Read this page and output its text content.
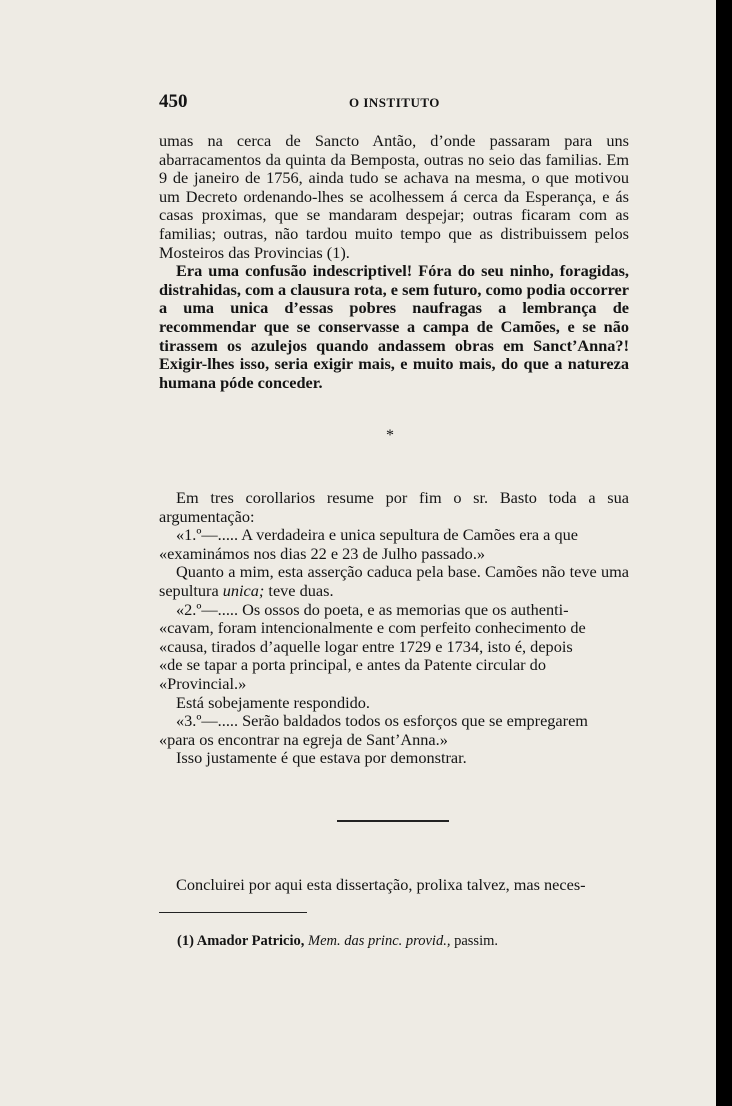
450	O INSTITUTO

umas na cerca de Sancto Antão, d’onde passaram para uns abarracamentos da quinta da Bemposta, outras no seio das familias. Em 9 de janeiro de 1756, ainda tudo se achava na mesma, o que motivou um Decreto ordenando-lhes se acolhessem á cerca da Esperança, e ás casas proximas, que se mandaram despejar; outras ficaram com as familias; outras, não tardou muito tempo que as distribuissem pelos Mosteiros das Provincias (1).

Era uma confusão indescriptivel! Fóra do seu ninho, foragidas, distrahidas, com a clausura rota, e sem futuro, como podia occorrer a uma unica d’essas pobres naufragas a lembrança de recommendar que se conservasse a campa de Camões, e se não tirassem os azulejos quando andassem obras em Sanct’Anna?! Exigir-lhes isso, seria exigir mais, e muito mais, do que a natureza humana póde conceder.

*

Em tres corollarios resume por fim o sr. Basto toda a sua argumentação:

«1.º—..... A verdadeira e unica sepultura de Camões era a que

«examinámos nos dias 22 e 23 de Julho passado.»

Quanto a mim, esta asserção caduca pela base. Camões não teve uma sepultura unica; teve duas.

«2.º—..... Os ossos do poeta, e as memorias que os authenti-

«cavam, foram intencionalmente e com perfeito conhecimento de

«causa, tirados d’aquelle logar entre 1729 e 1734, isto é, depois

«de se tapar a porta principal, e antes da Patente circular do

«Provincial.»

Está sobejamente respondido.

«3.º—..... Serão baldados todos os esforços que se empregarem

«para os encontrar na egreja de Sant’Anna.»

Isso justamente é que estava por demonstrar.

Concluirei por aqui esta dissertação, prolixa talvez, mas neces-

(1) Amador Patricio, Mem. das princ. provid., passim.
